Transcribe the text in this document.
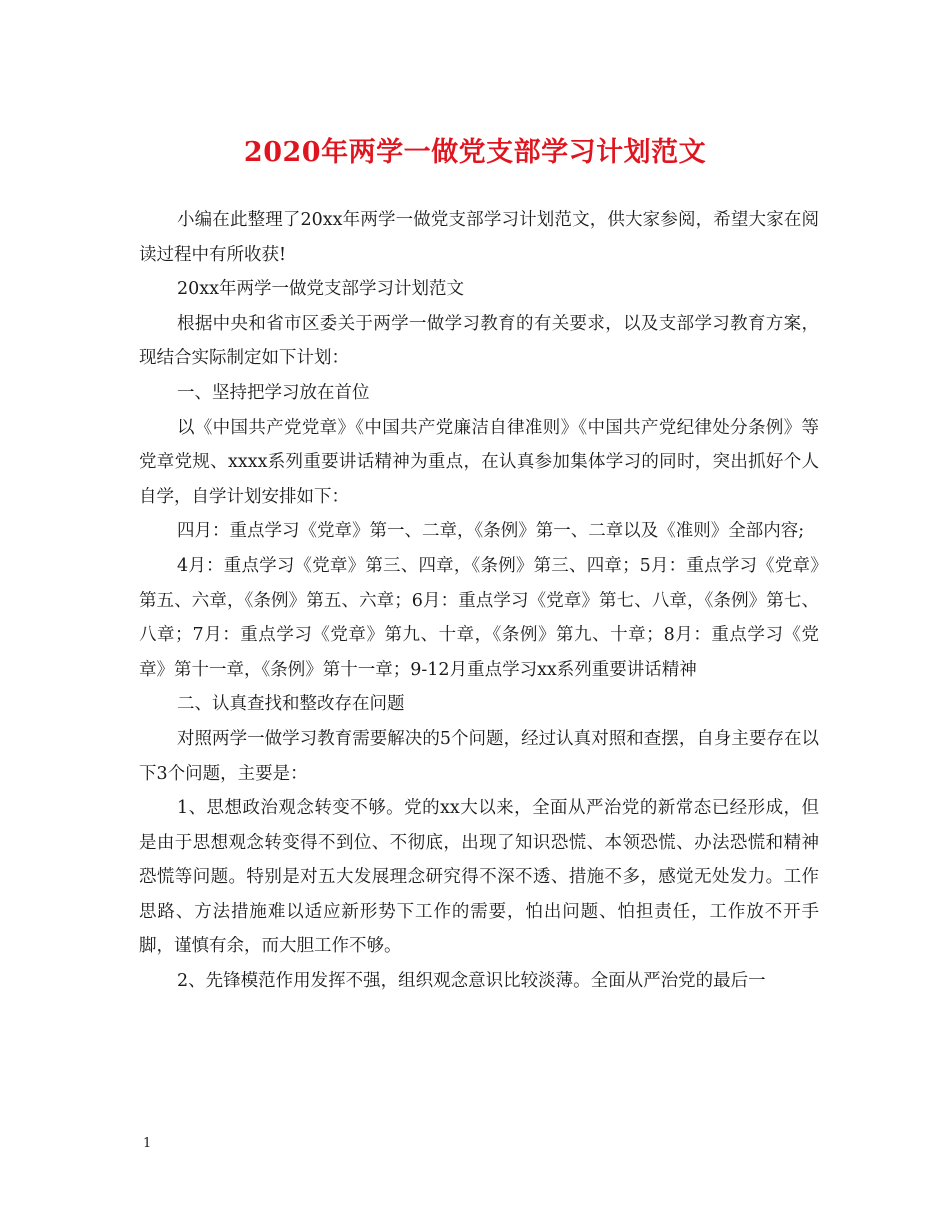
2020年两学一做党支部学习计划范文

小编在此整理了20xx年两学一做党支部学习计划范文，供大家参阅，希望大家在阅读过程中有所收获!

20xx年两学一做党支部学习计划范文

根据中央和省市区委关于两学一做学习教育的有关要求，以及支部学习教育方案，现结合实际制定如下计划：

一、坚持把学习放在首位

以《中国共产党党章》《中国共产党廉洁自律准则》《中国共产党纪律处分条例》等党章党规、xxxx系列重要讲话精神为重点，在认真参加集体学习的同时，突出抓好个人自学，自学计划安排如下：

四月：重点学习《党章》第一、二章，《条例》第一、二章以及《准则》全部内容;

4月：重点学习《党章》第三、四章，《条例》第三、四章；5月：重点学习《党章》第五、六章，《条例》第五、六章；6月：重点学习《党章》第七、八章，《条例》第七、八章；7月：重点学习《党章》第九、十章，《条例》第九、十章；8月：重点学习《党章》第十一章，《条例》第十一章；9-12月重点学习xx系列重要讲话精神

二、认真查找和整改存在问题

对照两学一做学习教育需要解决的5个问题，经过认真对照和查摆，自身主要存在以下3个问题，主要是：

1、思想政治观念转变不够。党的xx大以来，全面从严治党的新常态已经形成，但是由于思想观念转变得不到位、不彻底，出现了知识恐慌、本领恐慌、办法恐慌和精神恐慌等问题。特别是对五大发展理念研究得不深不透、措施不多，感觉无处发力。工作思路、方法措施难以适应新形势下工作的需要，怕出问题、怕担责任，工作放不开手脚，谨慎有余，而大胆工作不够。

2、先锋模范作用发挥不强，组织观念意识比较淡薄。全面从严治党的最后一

1
